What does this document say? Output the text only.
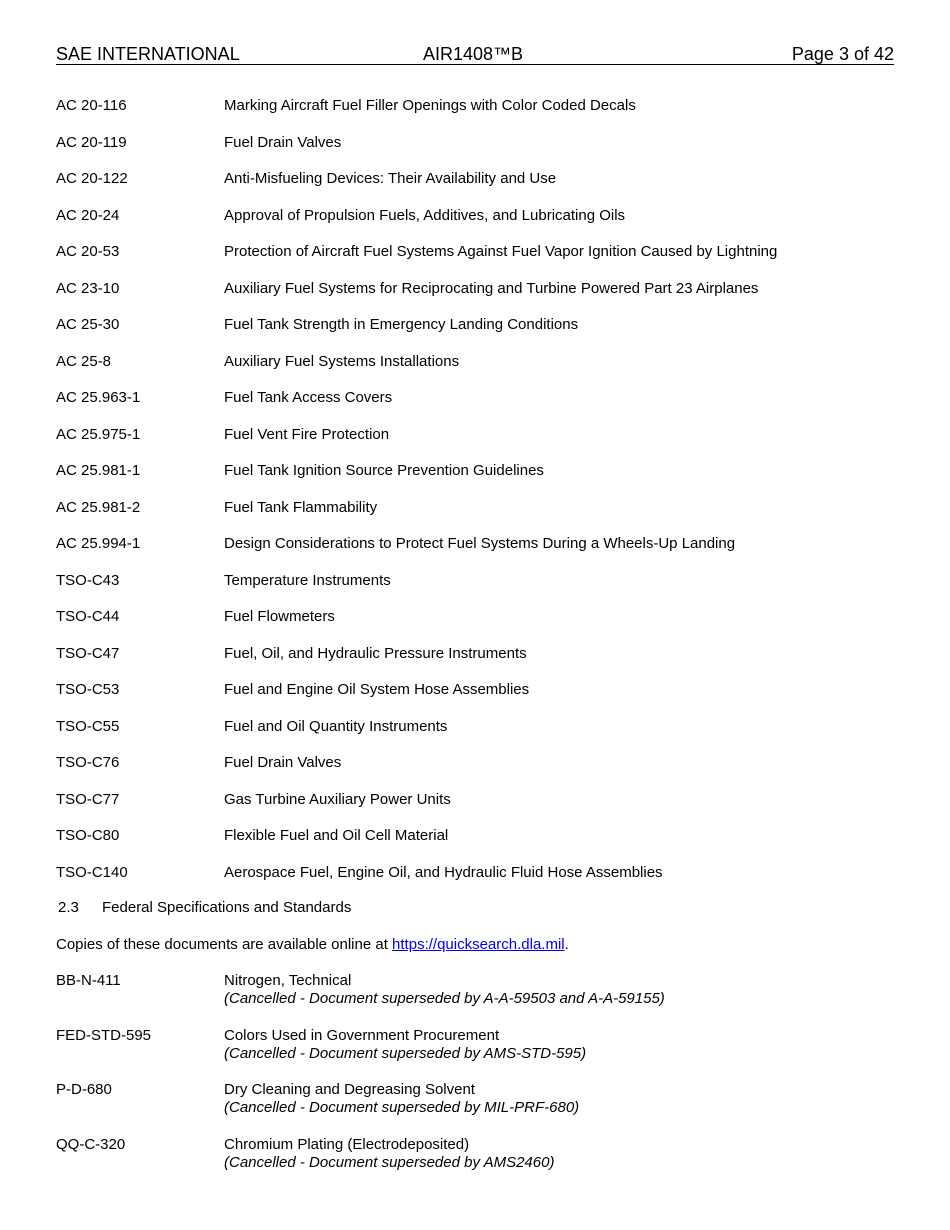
SAE INTERNATIONAL	AIR1408™B	Page 3 of 42
AC 20-116	Marking Aircraft Fuel Filler Openings with Color Coded Decals
AC 20-119	Fuel Drain Valves
AC 20-122	Anti-Misfueling Devices: Their Availability and Use
AC 20-24	Approval of Propulsion Fuels, Additives, and Lubricating Oils
AC 20-53	Protection of Aircraft Fuel Systems Against Fuel Vapor Ignition Caused by Lightning
AC 23-10	Auxiliary Fuel Systems for Reciprocating and Turbine Powered Part 23 Airplanes
AC 25-30	Fuel Tank Strength in Emergency Landing Conditions
AC 25-8	Auxiliary Fuel Systems Installations
AC 25.963-1	Fuel Tank Access Covers
AC 25.975-1	Fuel Vent Fire Protection
AC 25.981-1	Fuel Tank Ignition Source Prevention Guidelines
AC 25.981-2	Fuel Tank Flammability
AC 25.994-1	Design Considerations to Protect Fuel Systems During a Wheels-Up Landing
TSO-C43	Temperature Instruments
TSO-C44	Fuel Flowmeters
TSO-C47	Fuel, Oil, and Hydraulic Pressure Instruments
TSO-C53	Fuel and Engine Oil System Hose Assemblies
TSO-C55	Fuel and Oil Quantity Instruments
TSO-C76	Fuel Drain Valves
TSO-C77	Gas Turbine Auxiliary Power Units
TSO-C80	Flexible Fuel and Oil Cell Material
TSO-C140	Aerospace Fuel, Engine Oil, and Hydraulic Fluid Hose Assemblies
2.3 Federal Specifications and Standards
Copies of these documents are available online at https://quicksearch.dla.mil.
BB-N-411	Nitrogen, Technical
(Cancelled - Document superseded by A-A-59503 and A-A-59155)
FED-STD-595	Colors Used in Government Procurement
(Cancelled - Document superseded by AMS-STD-595)
P-D-680	Dry Cleaning and Degreasing Solvent
(Cancelled - Document superseded by MIL-PRF-680)
QQ-C-320	Chromium Plating (Electrodeposited)
(Cancelled - Document superseded by AMS2460)
